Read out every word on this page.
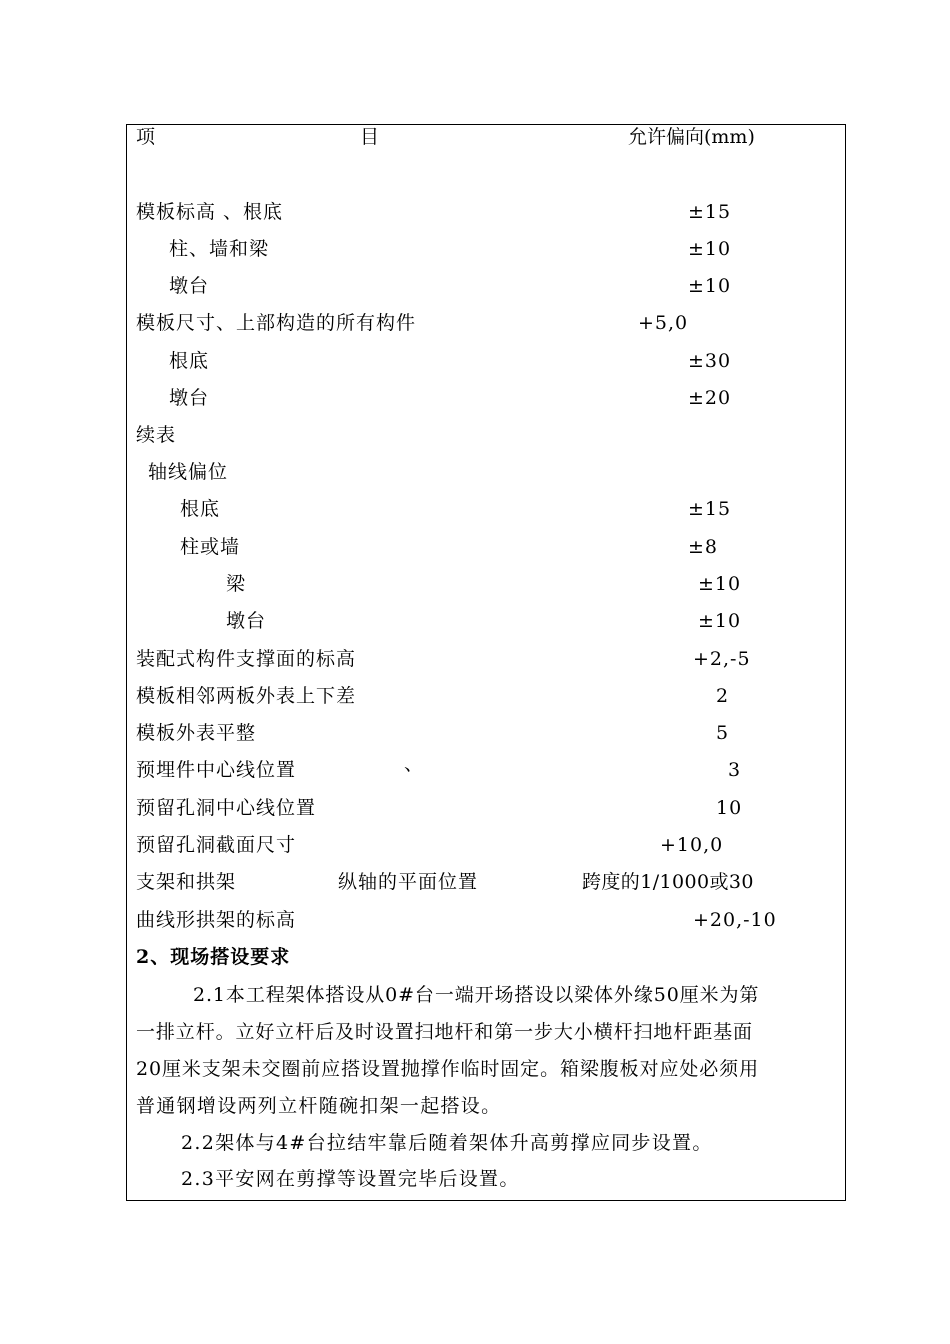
项	目	允许偏向(mm)
模板标高 、根底	±15
柱、墙和梁	±10
墩台	±10
模板尺寸、上部构造的所有构件	+5,0
根底	±30
墩台	±20
续表
轴线偏位
根底	±15
柱或墙	±8
梁	±10
墩台	±10
装配式构件支撑面的标高	+2,-5
模板相邻两板外表上下差	2
模板外表平整	5
预埋件中心线位置	、	3
预留孔洞中心线位置	10
预留孔洞截面尺寸	+10,0
支架和拱架	纵轴的平面位置	跨度的1/1000或30
曲线形拱架的标高	+20,-10
2、现场搭设要求
2.1本工程架体搭设从0#台一端开场搭设以梁体外缘50厘米为第
一排立杆。立好立杆后及时设置扫地杆和第一步大小横杆扫地杆距基面
20厘米支架未交圈前应搭设置抛撑作临时固定。箱梁腹板对应处必须用
普通钢增设两列立杆随碗扣架一起搭设。
2.2架体与4#台拉结牢靠后随着架体升高剪撑应同步设置。
2.3平安网在剪撑等设置完毕后设置。
